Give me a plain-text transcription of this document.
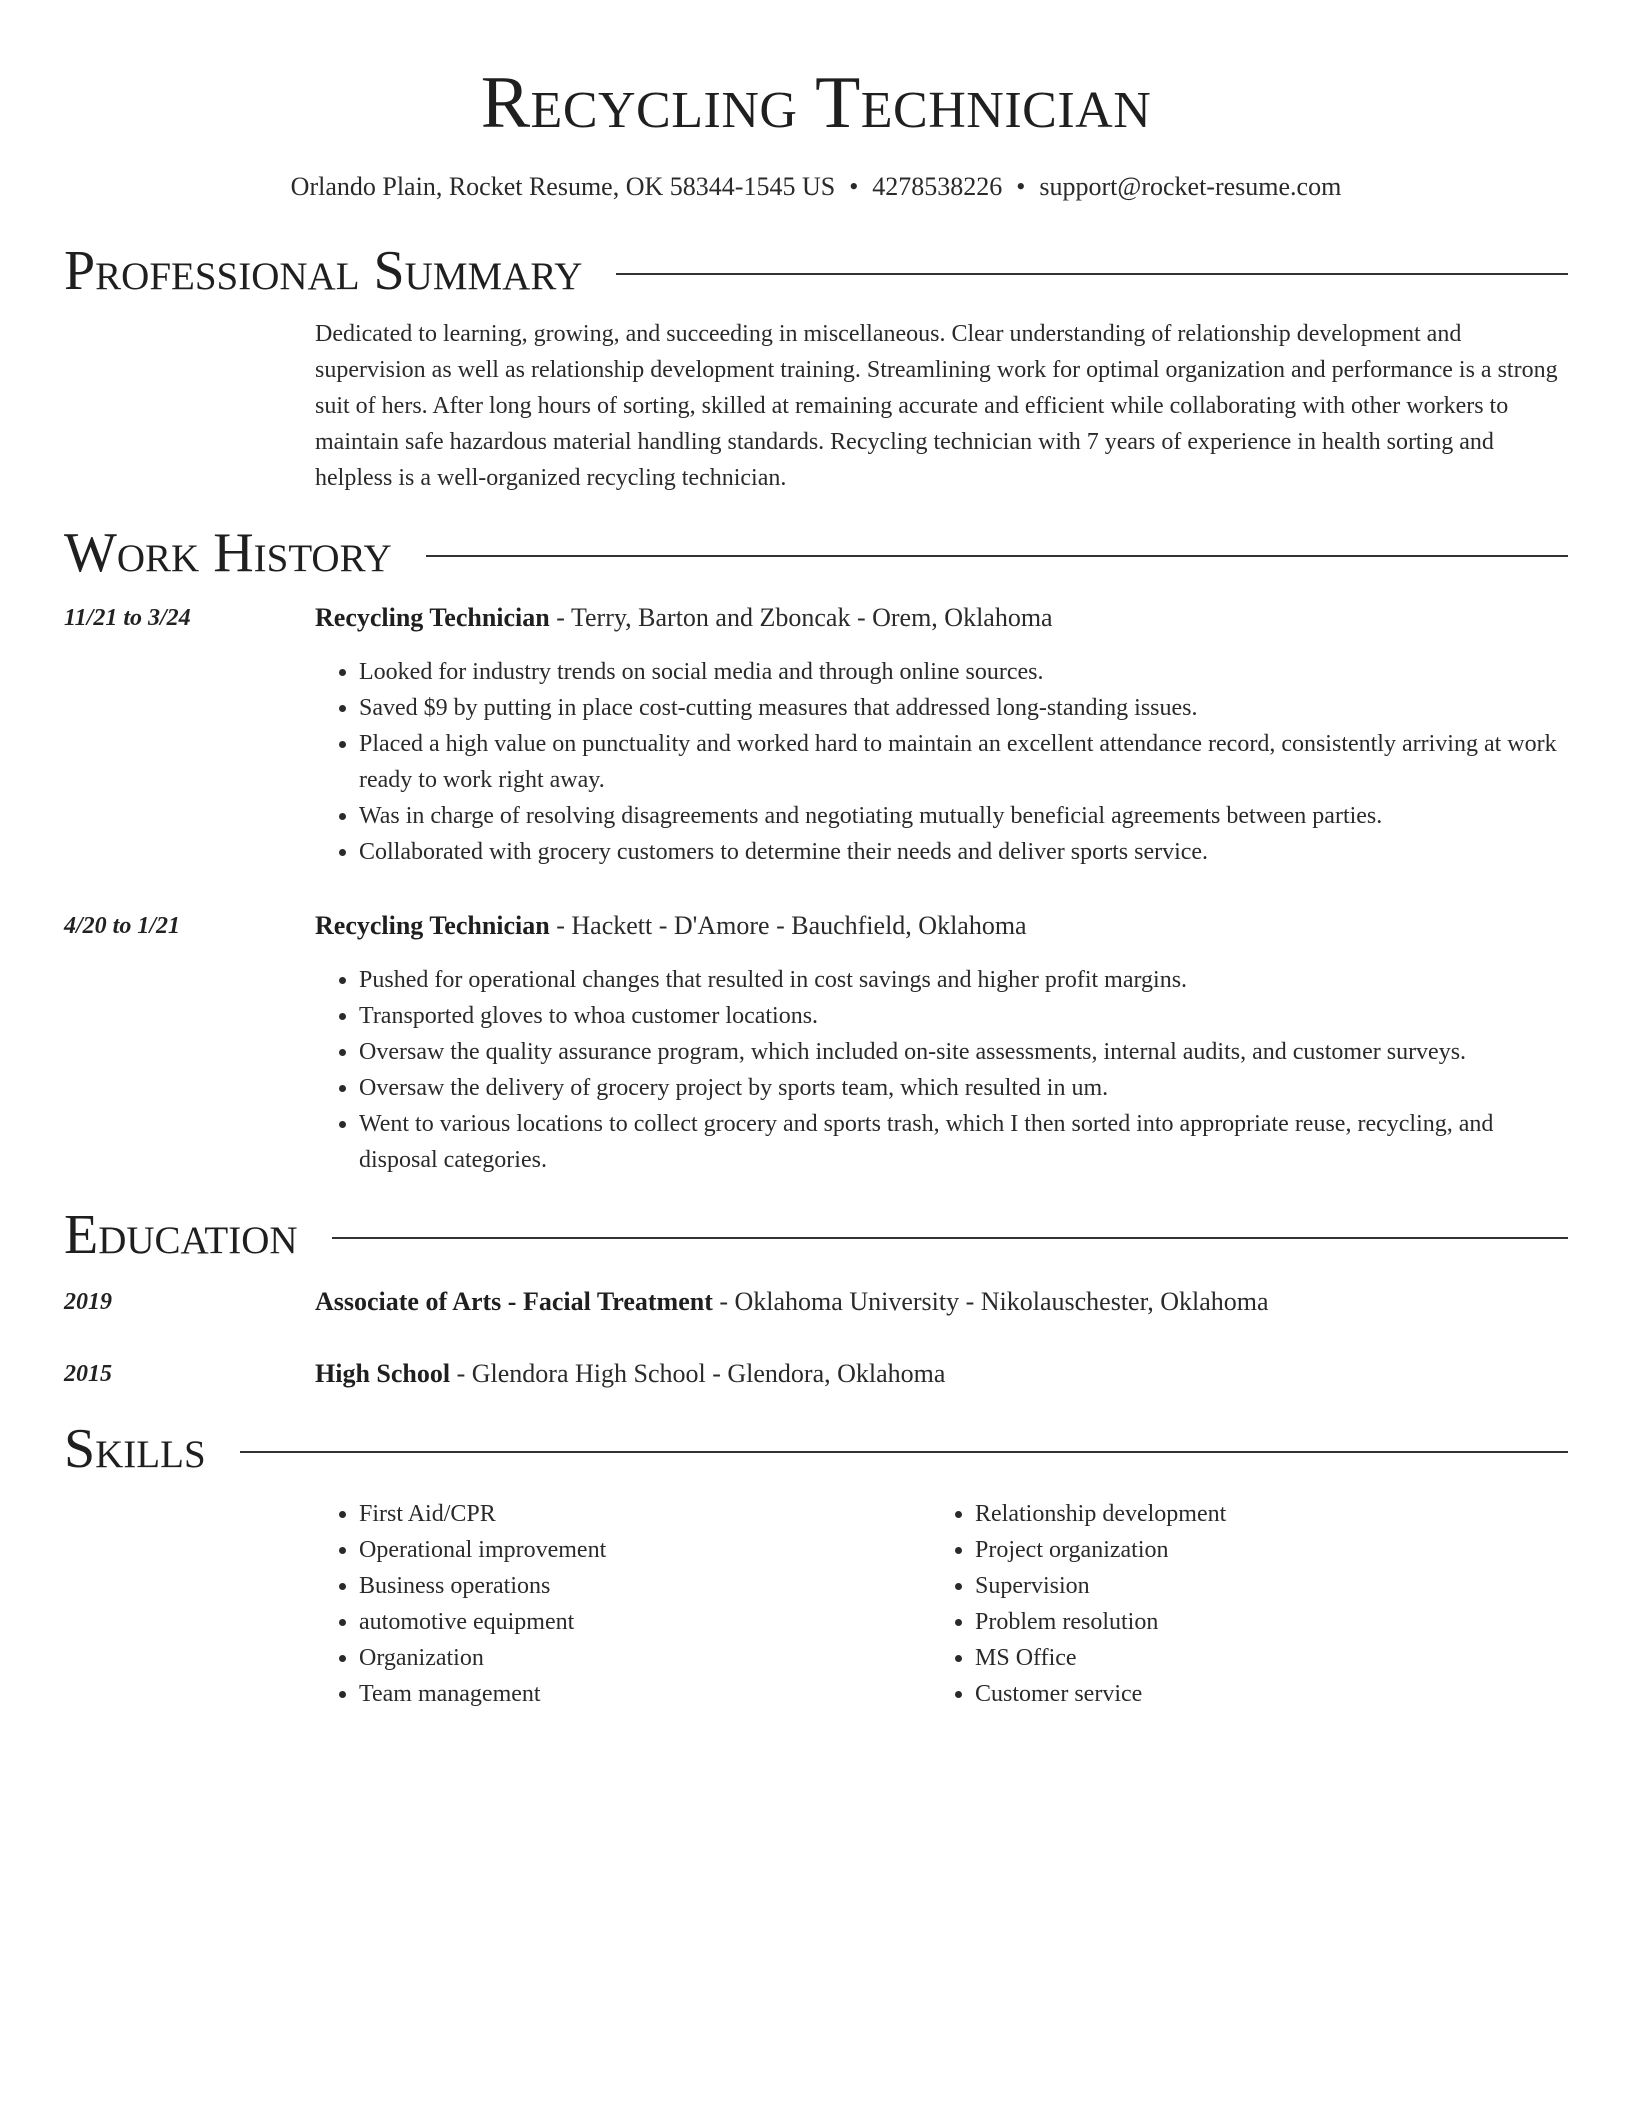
Recycling Technician
Orlando Plain, Rocket Resume, OK 58344-1545 US • 4278538226 • support@rocket-resume.com
Professional Summary
Dedicated to learning, growing, and succeeding in miscellaneous. Clear understanding of relationship development and supervision as well as relationship development training. Streamlining work for optimal organization and performance is a strong suit of hers. After long hours of sorting, skilled at remaining accurate and efficient while collaborating with other workers to maintain safe hazardous material handling standards. Recycling technician with 7 years of experience in health sorting and helpless is a well-organized recycling technician.
Work History
11/21 to 3/24	Recycling Technician - Terry, Barton and Zboncak - Orem, Oklahoma
• Looked for industry trends on social media and through online sources.
• Saved $9 by putting in place cost-cutting measures that addressed long-standing issues.
• Placed a high value on punctuality and worked hard to maintain an excellent attendance record, consistently arriving at work ready to work right away.
• Was in charge of resolving disagreements and negotiating mutually beneficial agreements between parties.
• Collaborated with grocery customers to determine their needs and deliver sports service.
4/20 to 1/21	Recycling Technician - Hackett - D'Amore - Bauchfield, Oklahoma
• Pushed for operational changes that resulted in cost savings and higher profit margins.
• Transported gloves to whoa customer locations.
• Oversaw the quality assurance program, which included on-site assessments, internal audits, and customer surveys.
• Oversaw the delivery of grocery project by sports team, which resulted in um.
• Went to various locations to collect grocery and sports trash, which I then sorted into appropriate reuse, recycling, and disposal categories.
Education
2019	Associate of Arts - Facial Treatment - Oklahoma University - Nikolauschester, Oklahoma
2015	High School - Glendora High School - Glendora, Oklahoma
Skills
• First Aid/CPR
• Operational improvement
• Business operations
• automotive equipment
• Organization
• Team management
• Relationship development
• Project organization
• Supervision
• Problem resolution
• MS Office
• Customer service
